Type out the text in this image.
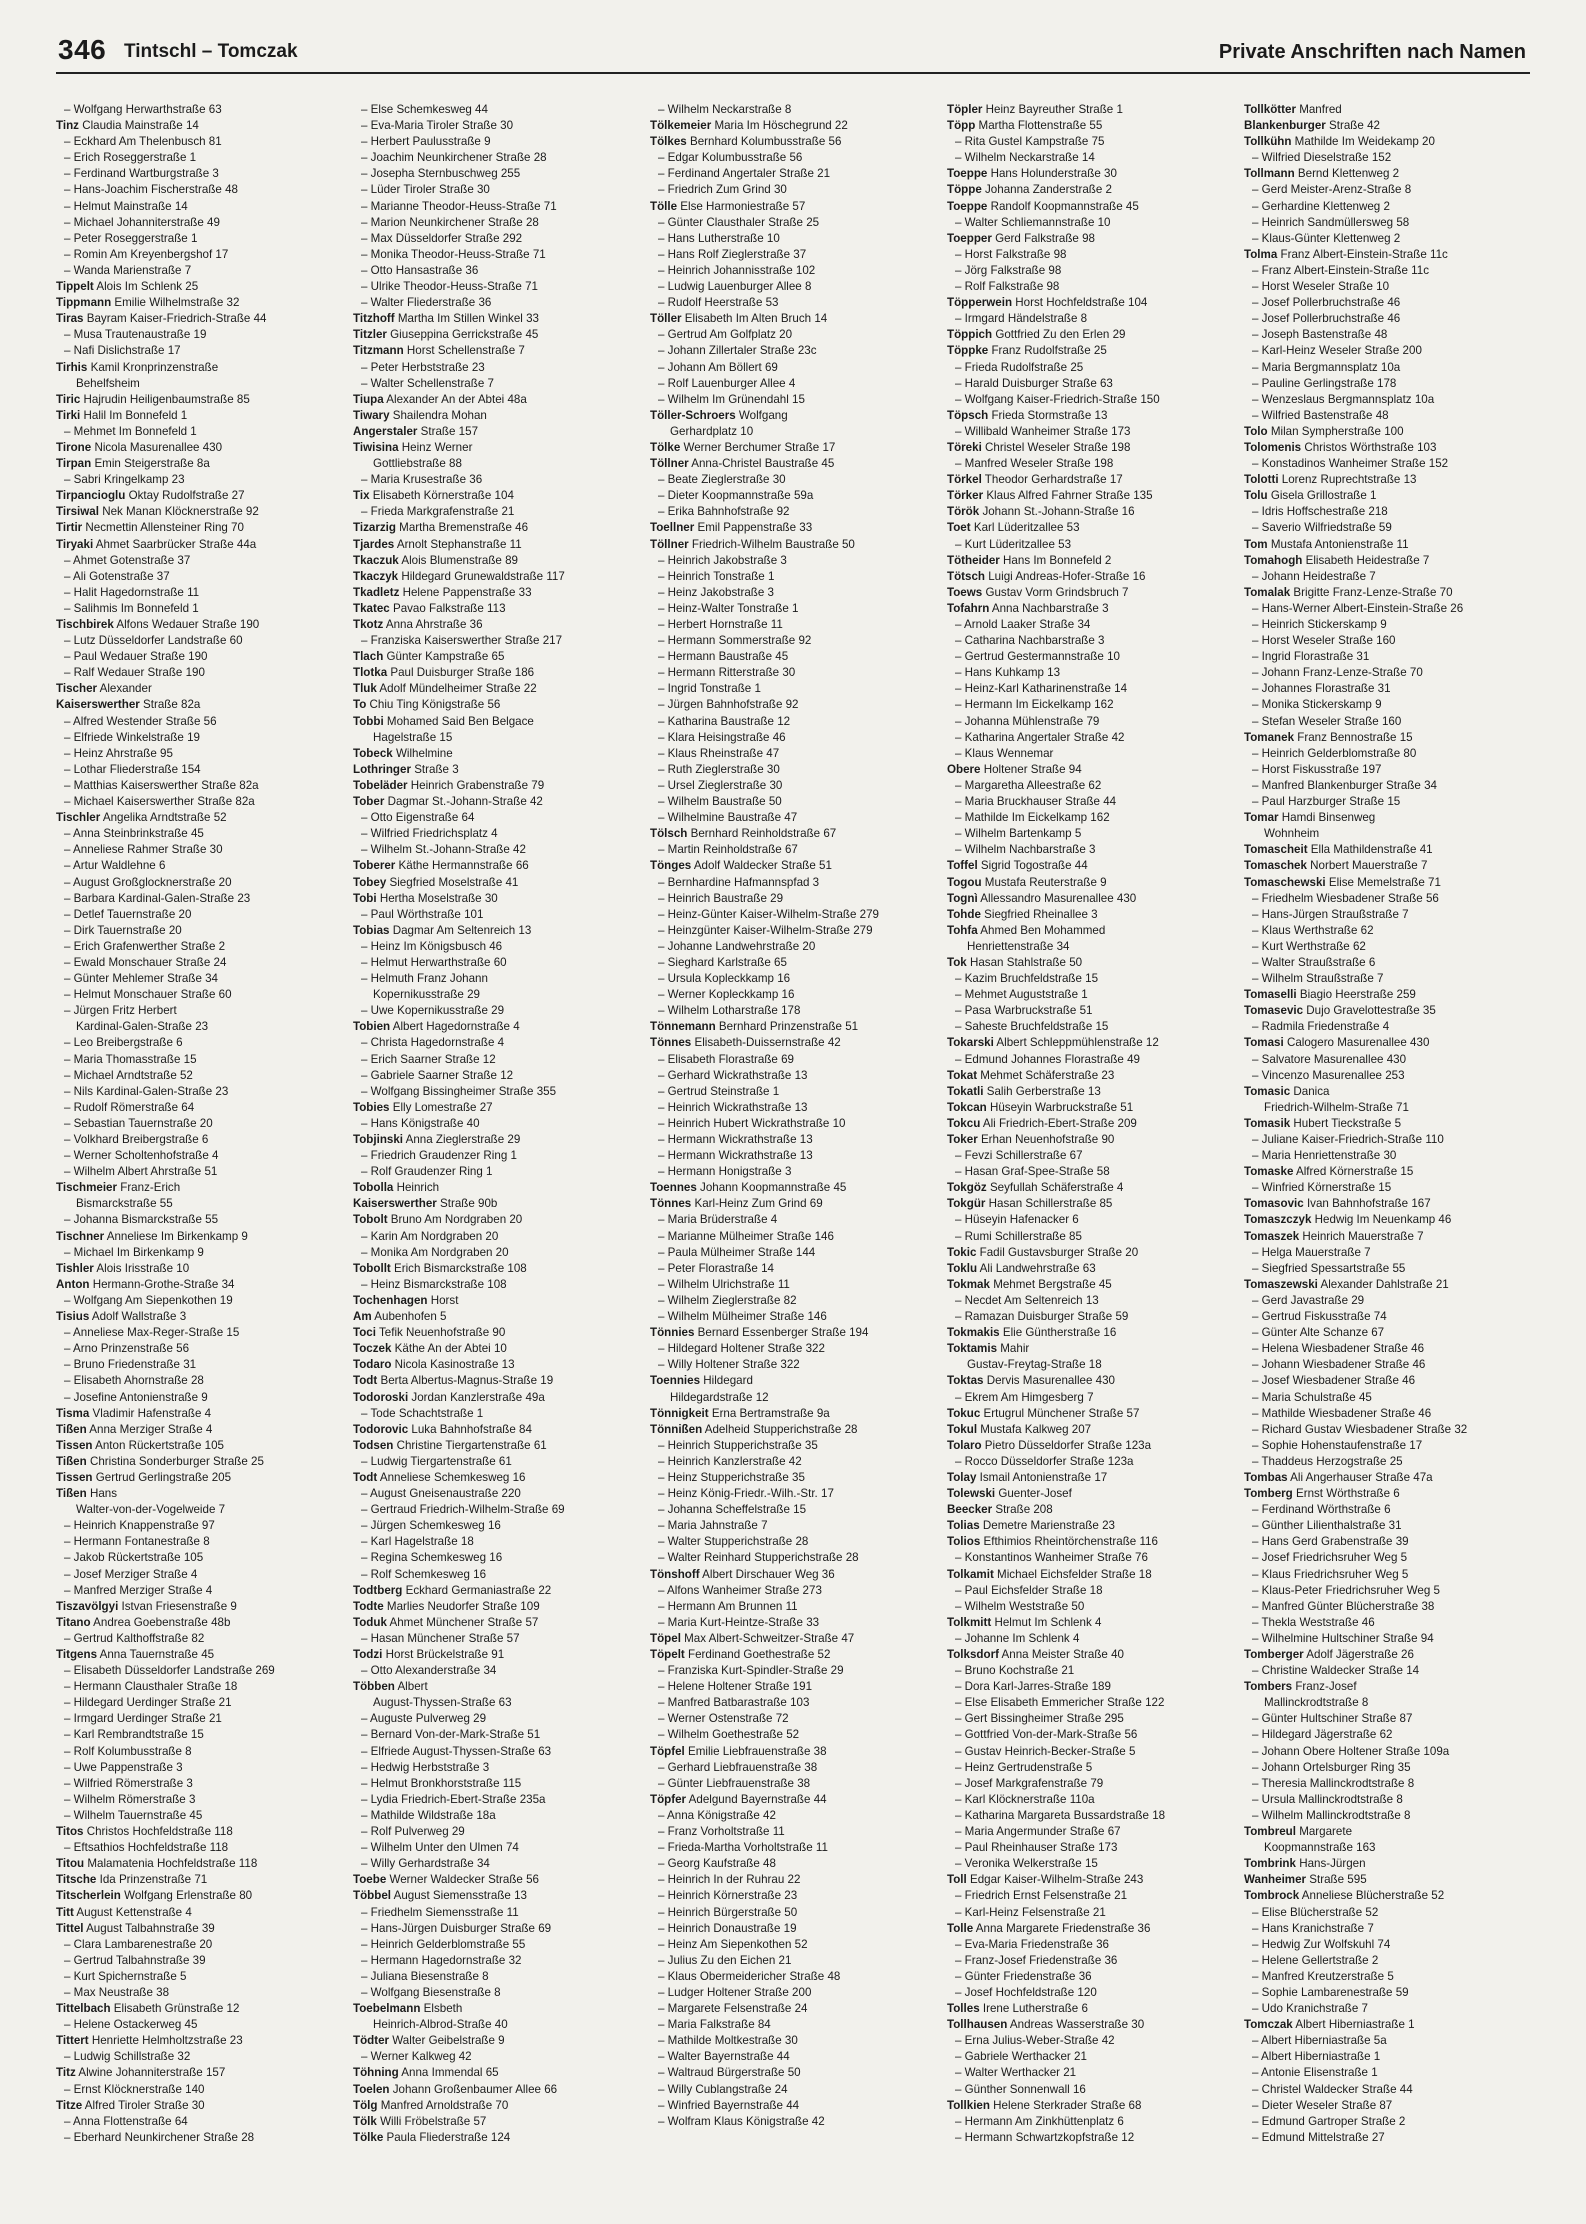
346 Tintschl – Tomczak	Private Anschriften nach Namen
– Wolfgang Herwarthstraße 63
Tinz Claudia Mainstraße 14
– Eckhard Am Thelenbusch 81
– Erich Roseggerstraße 1
– Ferdinand Wartburgstraße 3
– Hans-Joachim Fischerstraße 48
– Helmut Mainstraße 14
– Michael Johanniterstraße 49
– Peter Roseggerstraße 1
– Romin Am Kreyenbergshof 17
– Wanda Marienstraße 7
Tippelt Alois Im Schlenk 25
Tippmann Emilie Wilhelmstraße 32
Tiras Bayram Kaiser-Friedrich-Straße 44
– Musa Trautenaustraße 19
– Nafi Dislichstraße 17
Tirhis Kamil Kronprinzenstraße
Behelfsheim
Tiric Hajrudin Heiligenbaumstraße 85
Tirki Halil Im Bonnefeld 1
– Mehmet Im Bonnefeld 1
Tirone Nicola Masurenallee 430
Tirpan Emin Steigerstraße 8a
– Sabri Kringelkamp 23
Tirpancioglu Oktay Rudolfstraße 27
Tirsiwal Nek Manan Klöcknerstraße 92
Tirtir Necmettin Allensteiner Ring 70
Tiryaki Ahmet Saarbrücker Straße 44a
– Ahmet Gotenstraße 37
– Ali Gotenstraße 37
– Halit Hagedornstraße 11
– Salihmis Im Bonnefeld 1
Tischbirek Alfons Wedauer Straße 190
– Lutz Düsseldorfer Landstraße 60
– Paul Wedauer Straße 190
– Ralf Wedauer Straße 190
Tischer Alexander
Kaiserswerther Straße 82a
– Alfred Westender Straße 56
– Elfriede Winkelstraße 19
– Heinz Ahrstraße 95
– Lothar Fliederstraße 154
– Matthias Kaiserswerther Straße 82a
– Michael Kaiserswerther Straße 82a
Tischler Angelika Arndtstraße 52
– Anna Steinbrinkstraße 45
– Anneliese Rahmer Straße 30
– Artur Waldlehne 6
– August Großglocknerstraße 20
– Barbara Kardinal-Galen-Straße 23
– Detlef Tauernstraße 20
– Dirk Tauernstraße 20
– Erich Grafenwerther Straße 2
– Ewald Monschauer Straße 24
– Günter Mehlemer Straße 34
– Helmut Monschauer Straße 60
– Jürgen Fritz Herbert
Kardinal-Galen-Straße 23
– Leo Breibergstraße 6
– Maria Thomasstraße 15
– Michael Arndtstraße 52
– Nils Kardinal-Galen-Straße 23
– Rudolf Römerstraße 64
– Sebastian Tauernstraße 20
– Volkhard Breibergstraße 6
– Werner Scholtenhofstraße 4
– Wilhelm Albert Ahrstraße 51
Tischmeier Franz-Erich
Bismarckstraße 55
– Johanna Bismarckstraße 55
Tischner Anneliese Im Birkenkamp 9
– Michael Im Birkenkamp 9
Tishler Alois Irisstraße 10
Anton Hermann-Grothe-Straße 34
– Wolfgang Am Siepenkothen 19
Tisius Adolf Wallstraße 3
– Anneliese Max-Reger-Straße 15
– Arno Prinzenstraße 56
– Bruno Friedenstraße 31
– Elisabeth Ahornstraße 28
– Josefine Antonienstraße 9
Tisma Vladimir Hafenstraße 4
Tißen Anna Merziger Straße 4
Tissen Anton Rückertstraße 105
Tißen Christina Sonderburger Straße 25
Tissen Gertrud Gerlingstraße 205
Tißen Hans
Walter-von-der-Vogelweide 7
– Heinrich Knappenstraße 97
– Hermann Fontanestraße 8
– Jakob Rückertstraße 105
– Josef Merziger Straße 4
– Manfred Merziger Straße 4
Tiszavölgyi Istvan Friesenstraße 9
Titano Andrea Goebenstraße 48b
– Gertrud Kalthoffstraße 82
Titgens Anna Tauernstraße 45
– Elisabeth Düsseldorfer Landstraße 269
– Hermann Clausthaler Straße 18
– Hildegard Uerdinger Straße 21
– Irmgard Uerdinger Straße 21
– Karl Rembrandtstraße 15
– Rolf Kolumbusstraße 8
– Uwe Pappenstraße 3
– Wilfried Römerstraße 3
– Wilhelm Römerstraße 3
– Wilhelm Tauernstraße 45
Titos Christos Hochfeldstraße 118
– Eftsathios Hochfeldstraße 118
Titou Malamatenia Hochfeldstraße 118
Titsche Ida Prinzenstraße 71
Titscherlein Wolfgang Erlenstraße 80
Titt August Kettenstraße 4
Tittel August Talbahnstraße 39
– Clara Lambarenestraße 20
– Gertrud Talbahnstraße 39
– Kurt Spichernstraße 5
– Max Neustraße 38
Tittelbach Elisabeth Grünstraße 12
– Helene Ostackerweg 45
Tittert Henriette Helmholtzstraße 23
– Ludwig Schillstraße 32
Titz Alwine Johanniterstraße 157
– Ernst Klöcknerstraße 140
Titze Alfred Tiroler Straße 30
– Anna Flottenstraße 64
– Eberhard Neunkirchener Straße 28
– Else Schemkesweg 44
– Eva-Maria Tiroler Straße 30
– Herbert Paulusstraße 9
– Joachim Neunkirchener Straße 28
– Josepha Sternbuschweg 255
– Lüder Tiroler Straße 30
– Marianne Theodor-Heuss-Straße 71
– Marion Neunkirchener Straße 28
– Max Düsseldorfer Straße 292
– Monika Theodor-Heuss-Straße 71
– Otto Hansastraße 36
– Ulrike Theodor-Heuss-Straße 71
– Walter Fliederstraße 36
Titzhoff Martha Im Stillen Winkel 33
Titzler Giuseppina Gerrickstraße 45
Titzmann Horst Schellenstraße 7
– Peter Herbststraße 23
– Walter Schellenstraße 7
Tiupa Alexander An der Abtei 48a
Tiwary Shailendra Mohan
Angerstaler Straße 157
Tiwisina Heinz Werner
Gottliebstraße 88
– Maria Krusestraße 36
Tix Elisabeth Körnerstraße 104
– Frieda Markgrafenstraße 21
Tizarzig Martha Bremenstraße 46
Tjardes Arnolt Stephanstraße 11
Tkaczuk Alois Blumenstraße 89
Tkaczyk Hildegard Grunewaldstraße 117
Tkadletz Helene Pappenstraße 33
Tkatec Pavao Falkstraße 113
Tkotz Anna Ahrstraße 36
– Franziska Kaiserswerther Straße 217
Tlach Günter Kampstraße 65
Tlotka Paul Duisburger Straße 186
Tluk Adolf Mündelheimer Straße 22
To Chiu Ting Königstraße 56
Tobbi Mohamed Said Ben Belgace
Hagelstraße 15
Tobeck Wilhelmine
Lothringer Straße 3
Tobeläder Heinrich Grabenstraße 79
Tober Dagmar St.-Johann-Straße 42
– Otto Eigenstraße 64
– Wilfried Friedrichsplatz 4
– Wilhelm St.-Johann-Straße 42
Toberer Käthe Hermannstraße 66
Tobey Siegfried Moselstraße 41
Tobi Hertha Moselstraße 30
– Paul Wörthstraße 101
Tobias Dagmar Am Seltenreich 13
– Heinz Im Königsbusch 46
– Helmut Herwarthstraße 60
– Helmuth Franz Johann
Kopernikusstraße 29
– Uwe Kopernikusstraße 29
Tobien Albert Hagedornstraße 4
– Christa Hagedornstraße 4
– Erich Saarner Straße 12
– Gabriele Saarner Straße 12
– Wolfgang Bissingheimer Straße 355
Tobies Elly Lomestraße 27
– Hans Königstraße 40
Tobjinski Anna Zieglerstraße 29
– Friedrich Graudenzer Ring 1
– Rolf Graudenzer Ring 1
Tobolla Heinrich
Kaiserswerther Straße 90b
Tobolt Bruno Am Nordgraben 20
– Karin Am Nordgraben 20
– Monika Am Nordgraben 20
Tobollt Erich Bismarckstraße 108
– Heinz Bismarckstraße 108
Tochenhagen Horst
Am Aubenhofen 5
Toci Tefik Neuenhofstraße 90
Toczek Käthe An der Abtei 10
Todaro Nicola Kasinostraße 13
Todt Berta Albertus-Magnus-Straße 19
Todoroski Jordan Kanzlerstraße 49a
– Tode Schachtstraße 1
Todorovic Luka Bahnhofstraße 84
Todsen Christine Tiergartenstraße 61
– Ludwig Tiergartenstraße 61
Todt Anneliese Schemkesweg 16
– August Gneisenaustraße 220
– Gertraud Friedrich-Wilhelm-Straße 69
– Jürgen Schemkesweg 16
– Karl Hagelstraße 18
– Regina Schemkesweg 16
– Rolf Schemkesweg 16
Todtberg Eckhard Germaniastraße 22
Todte Marlies Neudorfer Straße 109
Toduk Ahmet Münchener Straße 57
– Hasan Münchener Straße 57
Todzi Horst Brückelstraße 91
– Otto Alexanderstraße 34
Többen Albert
August-Thyssen-Straße 63
– Auguste Pulverweg 29
– Bernard Von-der-Mark-Straße 51
– Elfriede August-Thyssen-Straße 63
– Hedwig Herbststraße 3
– Helmut Bronkhorststraße 115
– Lydia Friedrich-Ebert-Straße 235a
– Mathilde Wildstraße 18a
– Rolf Pulverweg 29
– Wilhelm Unter den Ulmen 74
– Willy Gerhardstraße 34
Toebe Werner Waldecker Straße 56
Többel August Siemensstraße 13
– Friedhelm Siemensstraße 11
– Hans-Jürgen Duisburger Straße 69
– Heinrich Gelderblomstraße 55
– Hermann Hagedornstraße 32
– Juliana Biesenstraße 8
– Wolfgang Biesenstraße 8
Toebelmann Elsbeth
Heinrich-Albrod-Straße 40
Tödter Walter Geibelstraße 9
– Werner Kalkweg 42
Töhning Anna Immendal 65
Toelen Johann Großenbaumer Allee 66
Tölg Manfred Arnoldstraße 70
Tölk Willi Fröbelstraße 57
Tölke Paula Fliederstraße 124
– Wilhelm Neckarstraße 8
Tölkemeier Maria Im Höschegrund 22
Tölkes Bernhard Kolumbusstraße 56
– Edgar Kolumbusstraße 56
– Ferdinand Angertaler Straße 21
– Friedrich Zum Grind 30
Tölle Else Harmoniestraße 57
– Günter Clausthaler Straße 25
– Hans Lutherstraße 10
– Hans Rolf Zieglerstraße 37
– Heinrich Johannisstraße 102
– Ludwig Lauenburger Allee 8
– Rudolf Heerstraße 53
Töller Elisabeth Im Alten Bruch 14
– Gertrud Am Golfplatz 20
– Johann Zillertaler Straße 23c
– Johann Am Böllert 69
– Rolf Lauenburger Allee 4
– Wilhelm Im Grünendahl 15
Töller-Schroers Wolfgang
Gerhardplatz 10
Tölke Werner Berchumer Straße 17
Töllner Anna-Christel Baustraße 45
– Beate Zieglerstraße 30
– Dieter Koopmannstraße 59a
– Erika Bahnhofstraße 92
Toellner Emil Pappenstraße 33
Töllner Friedrich-Wilhelm Baustraße 50
– Heinrich Jakobstraße 3
– Heinrich Tonstraße 1
– Heinz Jakobstraße 3
– Heinz-Walter Tonstraße 1
– Herbert Hornstraße 11
– Hermann Sommerstraße 92
– Hermann Baustraße 45
– Hermann Ritterstraße 30
– Ingrid Tonstraße 1
– Jürgen Bahnhofstraße 92
– Katharina Baustraße 12
– Klara Heisingstraße 46
– Klaus Rheinstraße 47
– Ruth Zieglerstraße 30
– Ursel Zieglerstraße 30
– Wilhelm Baustraße 50
– Wilhelmine Baustraße 47
Tölsch Bernhard Reinholdstraße 67
– Martin Reinholdstraße 67
Tönges Adolf Waldecker Straße 51
– Bernhardine Hafmannspfad 3
– Heinrich Baustraße 29
– Heinz-Günter Kaiser-Wilhelm-Straße 279
– Heinzgünter Kaiser-Wilhelm-Straße 279
– Johanne Landwehrstraße 20
– Sieghard Karlstraße 65
– Ursula Kopleckkamp 16
– Werner Kopleckkamp 16
– Wilhelm Lotharstraße 178
Tönnemann Bernhard Prinzenstraße 51
Tönnes Elisabeth-Duissernstraße 42
– Elisabeth Florastraße 69
– Gerhard Wickrathstraße 13
– Gertrud Steinstraße 1
– Heinrich Wickrathstraße 13
– Heinrich Hubert Wickrathstraße 10
– Hermann Wickrathstraße 13
– Hermann Wickrathstraße 13
– Hermann Honigstraße 3
Toennes Johann Koopmannstraße 45
Tönnes Karl-Heinz Zum Grind 69
– Maria Brüderstraße 4
– Marianne Mülheimer Straße 146
– Paula Mülheimer Straße 144
– Peter Florastraße 14
– Wilhelm Ulrichstraße 11
– Wilhelm Zieglerstraße 82
– Wilhelm Mülheimer Straße 146
Tönnies Bernard Essenberger Straße 194
– Hildegard Holtener Straße 322
– Willy Holtener Straße 322
Toennies Hildegard
Hildegardstraße 12
Tönnigkeit Erna Bertramstraße 9a
Tönnißen Adelheid Stupperichstraße 28
– Heinrich Stupperichstraße 35
– Heinrich Kanzlerstraße 42
– Heinz Stupperichstraße 35
– Heinz König-Friedr.-Wilh.-Str. 17
– Johanna Scheffelstraße 15
– Maria Jahnstraße 7
– Walter Stupperichstraße 28
– Walter Reinhard Stupperichstraße 28
Tönshoff Albert Dirschauer Weg 36
– Alfons Wanheimer Straße 273
– Hermann Am Brunnen 11
– Maria Kurt-Heintze-Straße 33
Töpel Max Albert-Schweitzer-Straße 47
Töpelt Ferdinand Goethestraße 52
– Franziska Kurt-Spindler-Straße 29
– Helene Holtener Straße 191
– Manfred Batbarastraße 103
– Werner Ostenstraße 72
– Wilhelm Goethestraße 52
Töpfel Emilie Liebfrauenstraße 38
– Gerhard Liebfrauenstraße 38
– Günter Liebfrauenstraße 38
Töpfer Adelgund Bayernstraße 44
– Anna Königstraße 42
– Franz Vorholtstraße 11
– Frieda-Martha Vorholtstraße 11
– Georg Kaufstraße 48
– Heinrich In der Ruhrau 22
– Heinrich Körnerstraße 23
– Heinrich Bürgerstraße 50
– Heinrich Donaustraße 19
– Heinz Am Siepenkothen 52
– Julius Zu den Eichen 21
– Klaus Obermeidericher Straße 48
– Ludger Holtener Straße 200
– Margarete Felsenstraße 24
– Maria Falkstraße 84
– Mathilde Moltkestraße 30
– Walter Bayernstraße 44
– Waltraud Bürgerstraße 50
– Willy Cublangstraße 24
– Winfried Bayernstraße 44
– Wolfram Klaus Königstraße 42
Töpler Heinz Bayreuther Straße 1
Töpp Martha Flottenstraße 55
– Rita Gustel Kampstraße 75
– Wilhelm Neckarstraße 14
Toeppe Hans Holunderstraße 30
Töppe Johanna Zanderstraße 2
Toeppe Randolf Koopmannstraße 45
– Walter Schliemannstraße 10
Toepper Gerd Falkstraße 98
– Horst Falkstraße 98
– Jörg Falkstraße 98
– Rolf Falkstraße 98
Töpperwein Horst Hochfeldstraße 104
– Irmgard Händelstraße 8
Töppich Gottfried Zu den Erlen 29
Töppke Franz Rudolfstraße 25
– Frieda Rudolfstraße 25
– Harald Duisburger Straße 63
– Wolfgang Kaiser-Friedrich-Straße 150
Töpsch Frieda Stormstraße 13
– Willibald Wanheimer Straße 173
Töreki Christel Weseler Straße 198
– Manfred Weseler Straße 198
Törkel Theodor Gerhardstraße 17
Törker Klaus Alfred Fahrner Straße 135
Török Johann St.-Johann-Straße 16
Toet Karl Lüderitzallee 53
– Kurt Lüderitzallee 53
Tötheider Hans Im Bonnefeld 2
Tötsch Luigi Andreas-Hofer-Straße 16
Toews Gustav Vorm Grindsbruch 7
Tofahrn Anna Nachbarstraße 3
– Arnold Laaker Straße 34
– Catharina Nachbarstraße 3
– Gertrud Gestermannstraße 10
– Hans Kuhkamp 13
– Heinz-Karl Katharinenstraße 14
– Hermann Im Eickelkamp 162
– Johanna Mühlenstraße 79
– Katharina Angertaler Straße 42
– Klaus Wennemar
Obere Holtener Straße 94
– Margaretha Alleestraße 62
– Maria Bruckhauser Straße 44
– Mathilde Im Eickelkamp 162
– Wilhelm Bartenkamp 5
– Wilhelm Nachbarstraße 3
Toffel Sigrid Togostraße 44
Togou Mustafa Reuterstraße 9
Tognì Allessandro Masurenallee 430
Tohde Siegfried Rheinallee 3
Tohfa Ahmed Ben Mohammed
Henriettenstraße 34
Tok Hasan Stahlstraße 50
– Kazim Bruchfeldstraße 15
– Mehmet Auguststraße 1
– Pasa Warbruckstraße 51
– Saheste Bruchfeldstraße 15
Tokarski Albert Schleppmühlenstraße 12
– Edmund Johannes Florastraße 49
Tokat Mehmet Schäferstraße 23
Tokatli Salih Gerberstraße 13
Tokcan Hüseyin Warbruckstraße 51
Tokcu Ali Friedrich-Ebert-Straße 209
Toker Erhan Neuenhofstraße 90
– Fevzi Schillerstraße 67
– Hasan Graf-Spee-Straße 58
Tokgöz Seyfullah Schäferstraße 4
Tokgür Hasan Schillerstraße 85
– Hüseyin Hafenacker 6
– Rumi Schillerstraße 85
Tokic Fadil Gustavsburger Straße 20
Toklu Ali Landwehrstraße 63
Tokmak Mehmet Bergstraße 45
– Necdet Am Seltenreich 13
– Ramazan Duisburger Straße 59
Tokmakis Elie Güntherstraße 16
Toktamis Mahir
Gustav-Freytag-Straße 18
Toktas Dervis Masurenallee 430
– Ekrem Am Himgesberg 7
Tokuc Ertugrul Münchener Straße 57
Tokul Mustafa Kalkweg 207
Tolaro Pietro Düsseldorfer Straße 123a
– Rocco Düsseldorfer Straße 123a
Tolay Ismail Antonienstraße 17
Tolewski Guenter-Josef
Beecker Straße 208
Tolias Demetre Marienstraße 23
Tolios Efthimios Rheintörchenstraße 116
– Konstantinos Wanheimer Straße 76
Tolkamit Michael Eichsfelder Straße 18
– Paul Eichsfelder Straße 18
– Wilhelm Weststraße 50
Tolkmitt Helmut Im Schlenk 4
– Johanne Im Schlenk 4
Tolksdorf Anna Meister Straße 40
– Bruno Kochstraße 21
– Dora Karl-Jarres-Straße 189
– Else Elisabeth Emmericher Straße 122
– Gert Bissingheimer Straße 295
– Gottfried Von-der-Mark-Straße 56
– Gustav Heinrich-Becker-Straße 5
– Heinz Gertrudenstraße 5
– Josef Markgrafenstraße 79
– Karl Klöcknerstraße 110a
– Katharina Margareta Bussardstraße 18
– Maria Angermunder Straße 67
– Paul Rheinhauser Straße 173
– Veronika Welkerstraße 15
Toll Edgar Kaiser-Wilhelm-Straße 243
– Friedrich Ernst Felsenstraße 21
– Karl-Heinz Felsenstraße 21
Tolle Anna Margarete Friedenstraße 36
– Eva-Maria Friedenstraße 36
– Franz-Josef Friedenstraße 36
– Günter Friedenstraße 36
– Josef Hochfeldstraße 120
Tolles Irene Lutherstraße 6
Tollhausen Andreas Wasserstraße 30
– Erna Julius-Weber-Straße 42
– Gabriele Werthacker 21
– Walter Werthacker 21
– Günther Sonnenwall 16
Tollkien Helene Sterkrader Straße 68
– Hermann Am Zinkhüttenplatz 6
– Hermann Schwartzkopfstraße 12
Tollkötter Manfred
Blankenburger Straße 42
Tollkühn Mathilde Im Weidekamp 20
– Wilfried Dieselstraße 152
Tollmann Bernd Klettenweg 2
– Gerd Meister-Arenz-Straße 8
– Gerhardine Klettenweg 2
– Heinrich Sandmüllersweg 58
– Klaus-Günter Klettenweg 2
Tolma Franz Albert-Einstein-Straße 11c
– Franz Albert-Einstein-Straße 11c
– Horst Weseler Straße 10
– Josef Pollerbruchstraße 46
– Josef Pollerbruchstraße 46
– Joseph Bastenstraße 48
– Karl-Heinz Weseler Straße 200
– Maria Bergmannsplatz 10a
– Pauline Gerlingstraße 178
– Wenzeslaus Bergmannsplatz 10a
– Wilfried Bastenstraße 48
Tolo Milan Sympherstraße 100
Tolomenis Christos Wörthstraße 103
– Konstadinos Wanheimer Straße 152
Tolotti Lorenz Ruprechtstraße 13
Tolu Gisela Grillostraße 1
– Idris Hoffschestraße 218
– Saverio Wilfriedstraße 59
Tom Mustafa Antonienstraße 11
Tomahogh Elisabeth Heidestraße 7
– Johann Heidestraße 7
Tomalak Brigitte Franz-Lenze-Straße 70
– Hans-Werner Albert-Einstein-Straße 26
– Heinrich Stickerskamp 9
– Horst Weseler Straße 160
– Ingrid Florastraße 31
– Johann Franz-Lenze-Straße 70
– Johannes Florastraße 31
– Monika Stickerskamp 9
– Stefan Weseler Straße 160
Tomanek Franz Bennostraße 15
– Heinrich Gelderblomstraße 80
– Horst Fiskusstraße 197
– Manfred Blankenburger Straße 34
– Paul Harzburger Straße 15
Tomar Hamdi Binsenweg
Wohnheim
Tomascheit Ella Mathildenstraße 41
Tomaschek Norbert Mauerstraße 7
Tomaschewski Elise Memelstraße 71
– Friedhelm Wiesbadener Straße 56
– Hans-Jürgen Straußstraße 7
– Klaus Werthstraße 62
– Kurt Werthstraße 62
– Walter Straußstraße 6
– Wilhelm Straußstraße 7
Tomaselli Biagio Heerstraße 259
Tomasevic Dujo Gravelottestraße 35
– Radmila Friedenstraße 4
Tomasi Calogero Masurenallee 430
– Salvatore Masurenallee 430
– Vincenzo Masurenallee 253
Tomasic Danica
Friedrich-Wilhelm-Straße 71
Tomasik Hubert Tieckstraße 5
– Juliane Kaiser-Friedrich-Straße 110
– Maria Henriettenstraße 30
Tomaske Alfred Körnerstraße 15
– Winfried Körnerstraße 15
Tomasovic Ivan Bahnhofstraße 167
Tomaszczyk Hedwig Im Neuenkamp 46
Tomaszek Heinrich Mauerstraße 7
– Helga Mauerstraße 7
– Siegfried Spessartstraße 55
Tomaszewski Alexander Dahlstraße 21
– Gerd Javastraße 29
– Gertrud Fiskusstraße 74
– Günter Alte Schanze 67
– Helena Wiesbadener Straße 46
– Johann Wiesbadener Straße 46
– Josef Wiesbadener Straße 46
– Maria Schulstraße 45
– Mathilde Wiesbadener Straße 46
– Richard Gustav Wiesbadener Straße 32
– Sophie Hohenstaufenstraße 17
– Thaddeus Herzogstraße 25
Tombas Ali Angerhauser Straße 47a
Tomberg Ernst Wörthstraße 6
– Ferdinand Wörthstraße 6
– Günther Lilienthalstraße 31
– Hans Gerd Grabenstraße 39
– Josef Friedrichsruher Weg 5
– Klaus Friedrichsruher Weg 5
– Klaus-Peter Friedrichsruher Weg 5
– Manfred Günter Blücherstraße 38
– Thekla Weststraße 46
– Wilhelmine Hultschiner Straße 94
Tomberger Adolf Jägerstraße 26
– Christine Waldecker Straße 14
Tombers Franz-Josef
Mallinckrodtstraße 8
– Günter Hultschiner Straße 87
– Hildegard Jägerstraße 62
– Johann Obere Holtener Straße 109a
– Johann Ortelsburger Ring 35
– Theresia Mallinckrodtstraße 8
– Ursula Mallinckrodtstraße 8
– Wilhelm Mallinckrodtstraße 8
Tombreul Margarete
Koopmannstraße 163
Tombrink Hans-Jürgen
Wanheimer Straße 595
Tombrock Anneliese Blücherstraße 52
– Elise Blücherstraße 52
– Hans Kranichstraße 7
– Hedwig Zur Wolfskuhl 74
– Helene Gellertstraße 2
– Manfred Kreutzerstraße 5
– Sophie Lambarenestraße 59
– Udo Kranichstraße 7
Tomczak Albert Hiberniastraße 1
– Albert Hiberniastraße 5a
– Albert Hiberniastraße 1
– Antonie Elisenstraße 1
– Christel Waldecker Straße 44
– Dieter Weseler Straße 87
– Edmund Gartroper Straße 2
– Edmund Mittelstraße 27
